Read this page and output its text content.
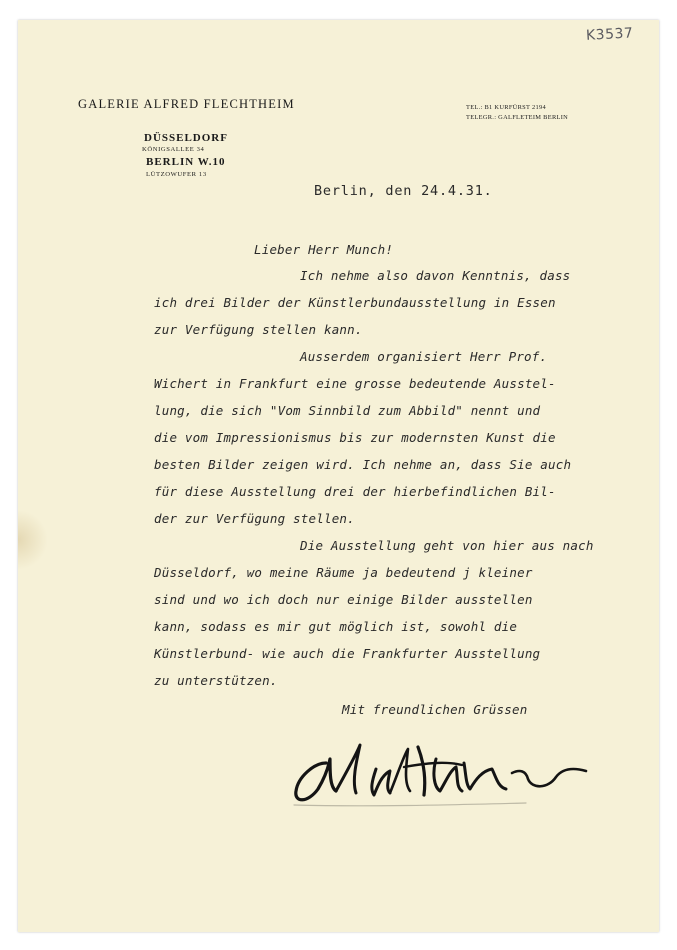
K3537
GALERIE ALFRED FLECHTHEIM	TEL.: B1 KURFÜRST 2194
TELEGR.: GALFLETEIM BERLIN
DÜSSELDORF
KÖNIGSALLEE 34
BERLIN W.10
LÜTZOWUFER 13
Berlin, den 24.4.31.
Lieber Herr Munch!
Ich nehme also davon Kenntnis, dass
ich drei Bilder der Künstlerbundausstellung in Essen
zur Verfügung stellen kann.
Ausserdem organisiert Herr Prof.
Wichert in Frankfurt eine grosse bedeutende Ausstel-
lung, die sich "Vom Sinnbild zum Abbild" nennt und
die vom Impressionismus bis zur modernsten Kunst die
besten Bilder zeigen wird. Ich nehme an, dass Sie auch
für diese Ausstellung drei der hierbefindlichen Bil-
der zur Verfügung stellen.
Die Ausstellung geht von hier aus nach
Düsseldorf, wo meine Räume ja bedeutend j kleiner
sind und wo ich doch nur einige Bilder ausstellen
kann, sodass es mir gut möglich ist, sowohl die
Künstlerbund- wie auch die Frankfurter Ausstellung
zu unterstützen.
Mit freundlichen Grüssen
